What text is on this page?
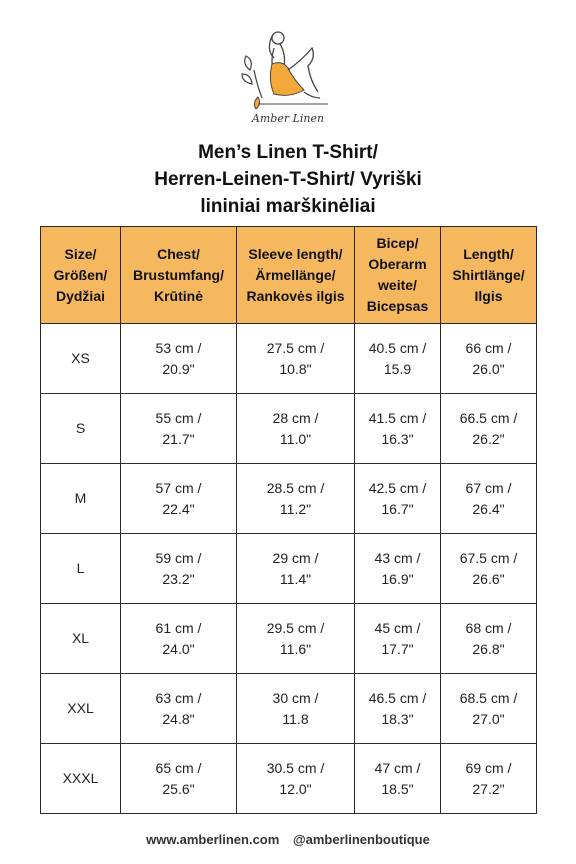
Amber Linen
Men’s Linen T-Shirt/
Herren-Leinen-T-Shirt/ Vyriški
lininiai marškinėliai
Size/
Größen/
Dydžiai	Chest/
Brustumfang/
Krūtinė	Sleeve length/
Ärmellänge/
Rankovės ilgis	Bicep/
Oberarm
weite/
Bicepsas	Length/
Shirtlänge/
Ilgis

XS	53 cm /
20.9"	27.5 cm /
10.8"	40.5 cm /
15.9	66 cm /
26.0"

S	55 cm /
21.7"	28 cm /
11.0"	41.5 cm /
16.3"	66.5 cm /
26.2"

M	57 cm /
22.4"	28.5 cm /
11.2"	42.5 cm /
16.7"	67 cm /
26.4"

L	59 cm /
23.2"	29 cm /
11.4"	43 cm /
16.9"	67.5 cm /
26.6"

XL	61 cm /
24.0"	29.5 cm /
11.6"	45 cm /
17.7"	68 cm /
26.8"

XXL	63 cm /
24.8"	30 cm /
11.8	46.5 cm /
18.3"	68.5 cm /
27.0"

XXXL	65 cm /
25.6"	30.5 cm /
12.0"	47 cm /
18.5"	69 cm /
27.2"
www.amberlinen.com @amberlinenboutique
